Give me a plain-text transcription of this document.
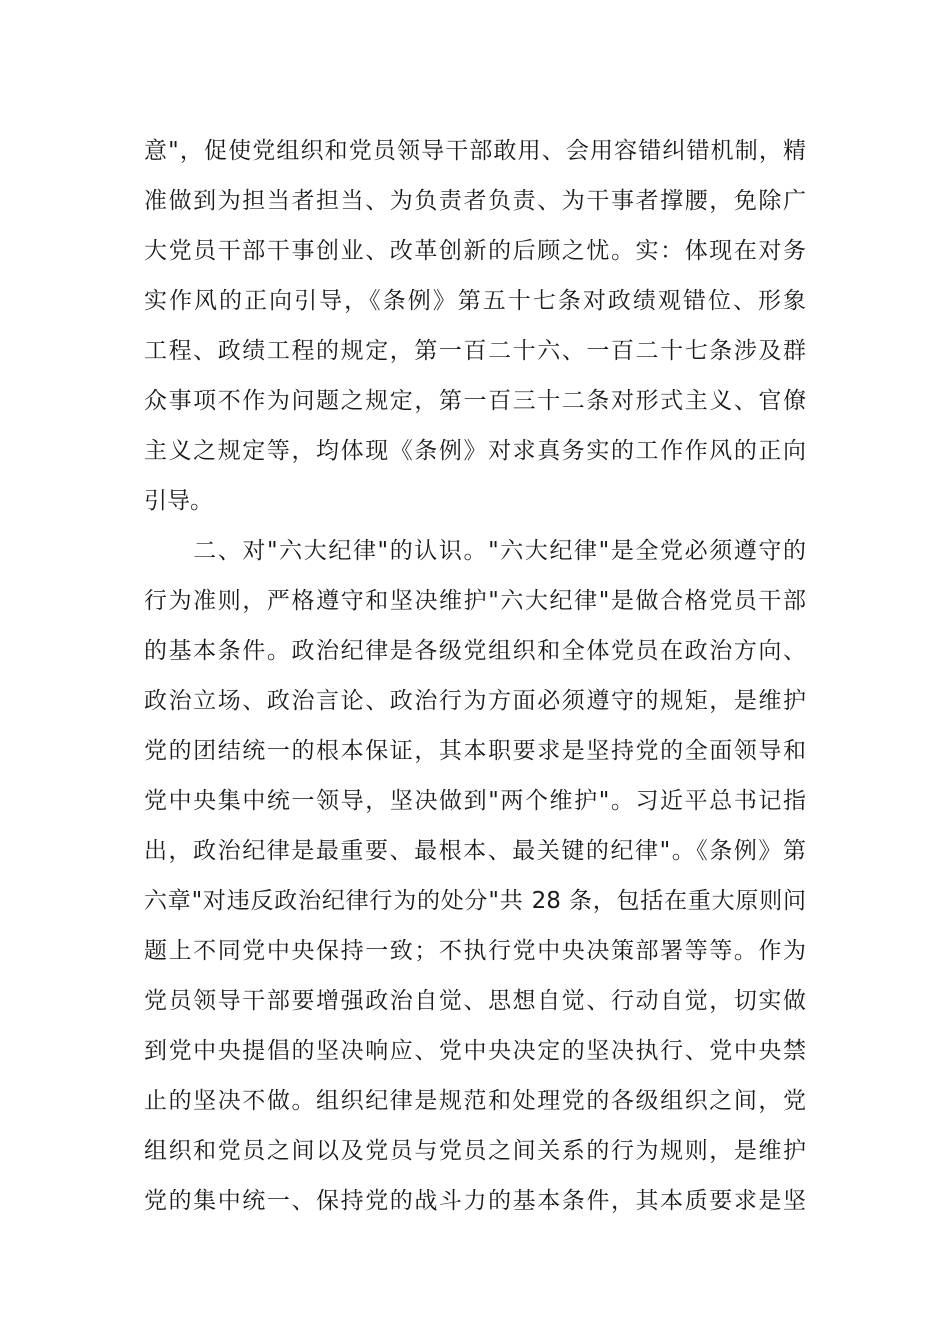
意"，促使党组织和党员领导干部敢用、会用容错纠错机制，精
准做到为担当者担当、为负责者负责、为干事者撑腰，免除广
大党员干部干事创业、改革创新的后顾之忧。实：体现在对务
实作风的正向引导，《条例》第五十七条对政绩观错位、形象
工程、政绩工程的规定，第一百二十六、一百二十七条涉及群
众事项不作为问题之规定，第一百三十二条对形式主义、官僚
主义之规定等，均体现《条例》对求真务实的工作作风的正向
引导。
　　二、对"六大纪律"的认识。"六大纪律"是全党必须遵守的
行为准则，严格遵守和坚决维护"六大纪律"是做合格党员干部
的基本条件。政治纪律是各级党组织和全体党员在政治方向、
政治立场、政治言论、政治行为方面必须遵守的规矩，是维护
党的团结统一的根本保证，其本职要求是坚持党的全面领导和
党中央集中统一领导，坚决做到"两个维护"。习近平总书记指
出，政治纪律是最重要、最根本、最关键的纪律"。《条例》第
六章"对违反政治纪律行为的处分"共 28 条，包括在重大原则问
题上不同党中央保持一致；不执行党中央决策部署等等。作为
党员领导干部要增强政治自觉、思想自觉、行动自觉，切实做
到党中央提倡的坚决响应、党中央决定的坚决执行、党中央禁
止的坚决不做。组织纪律是规范和处理党的各级组织之间，党
组织和党员之间以及党员与党员之间关系的行为规则，是维护
党的集中统一、保持党的战斗力的基本条件，其本质要求是坚
